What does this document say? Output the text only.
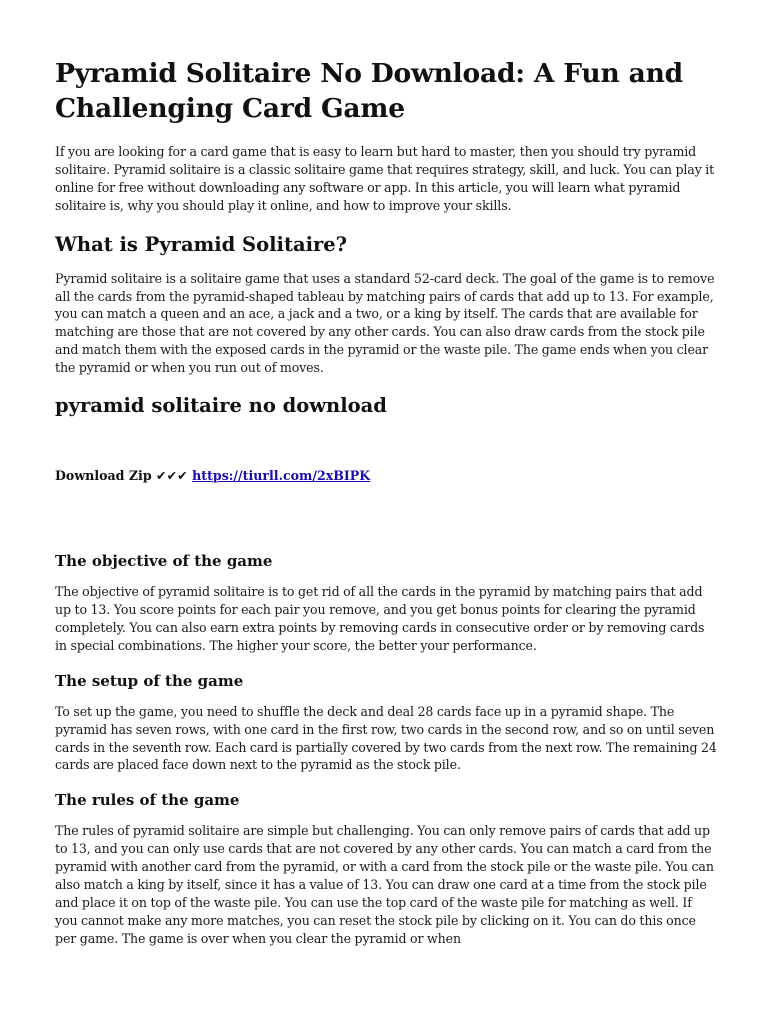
Pyramid Solitaire No Download: A Fun and Challenging Card Game

If you are looking for a card game that is easy to learn but hard to master, then you should try pyramid solitaire. Pyramid solitaire is a classic solitaire game that requires strategy, skill, and luck. You can play it online for free without downloading any software or app. In this article, you will learn what pyramid solitaire is, why you should play it online, and how to improve your skills.

What is Pyramid Solitaire?

Pyramid solitaire is a solitaire game that uses a standard 52-card deck. The goal of the game is to remove all the cards from the pyramid-shaped tableau by matching pairs of cards that add up to 13. For example, you can match a queen and an ace, a jack and a two, or a king by itself. The cards that are available for matching are those that are not covered by any other cards. You can also draw cards from the stock pile and match them with the exposed cards in the pyramid or the waste pile. The game ends when you clear the pyramid or when you run out of moves.

pyramid solitaire no download
Download Zip ✔✔✔ https://tiurll.com/2xBIPK
The objective of the game

The objective of pyramid solitaire is to get rid of all the cards in the pyramid by matching pairs that add up to 13. You score points for each pair you remove, and you get bonus points for clearing the pyramid completely. You can also earn extra points by removing cards in consecutive order or by removing cards in special combinations. The higher your score, the better your performance.

The setup of the game

To set up the game, you need to shuffle the deck and deal 28 cards face up in a pyramid shape. The pyramid has seven rows, with one card in the first row, two cards in the second row, and so on until seven cards in the seventh row. Each card is partially covered by two cards from the next row. The remaining 24 cards are placed face down next to the pyramid as the stock pile.

The rules of the game

The rules of pyramid solitaire are simple but challenging. You can only remove pairs of cards that add up to 13, and you can only use cards that are not covered by any other cards. You can match a card from the pyramid with another card from the pyramid, or with a card from the stock pile or the waste pile. You can also match a king by itself, since it has a value of 13. You can draw one card at a time from the stock pile and place it on top of the waste pile. You can use the top card of the waste pile for matching as well. If you cannot make any more matches, you can reset the stock pile by clicking on it. You can do this once per game. The game is over when you clear the pyramid or when
